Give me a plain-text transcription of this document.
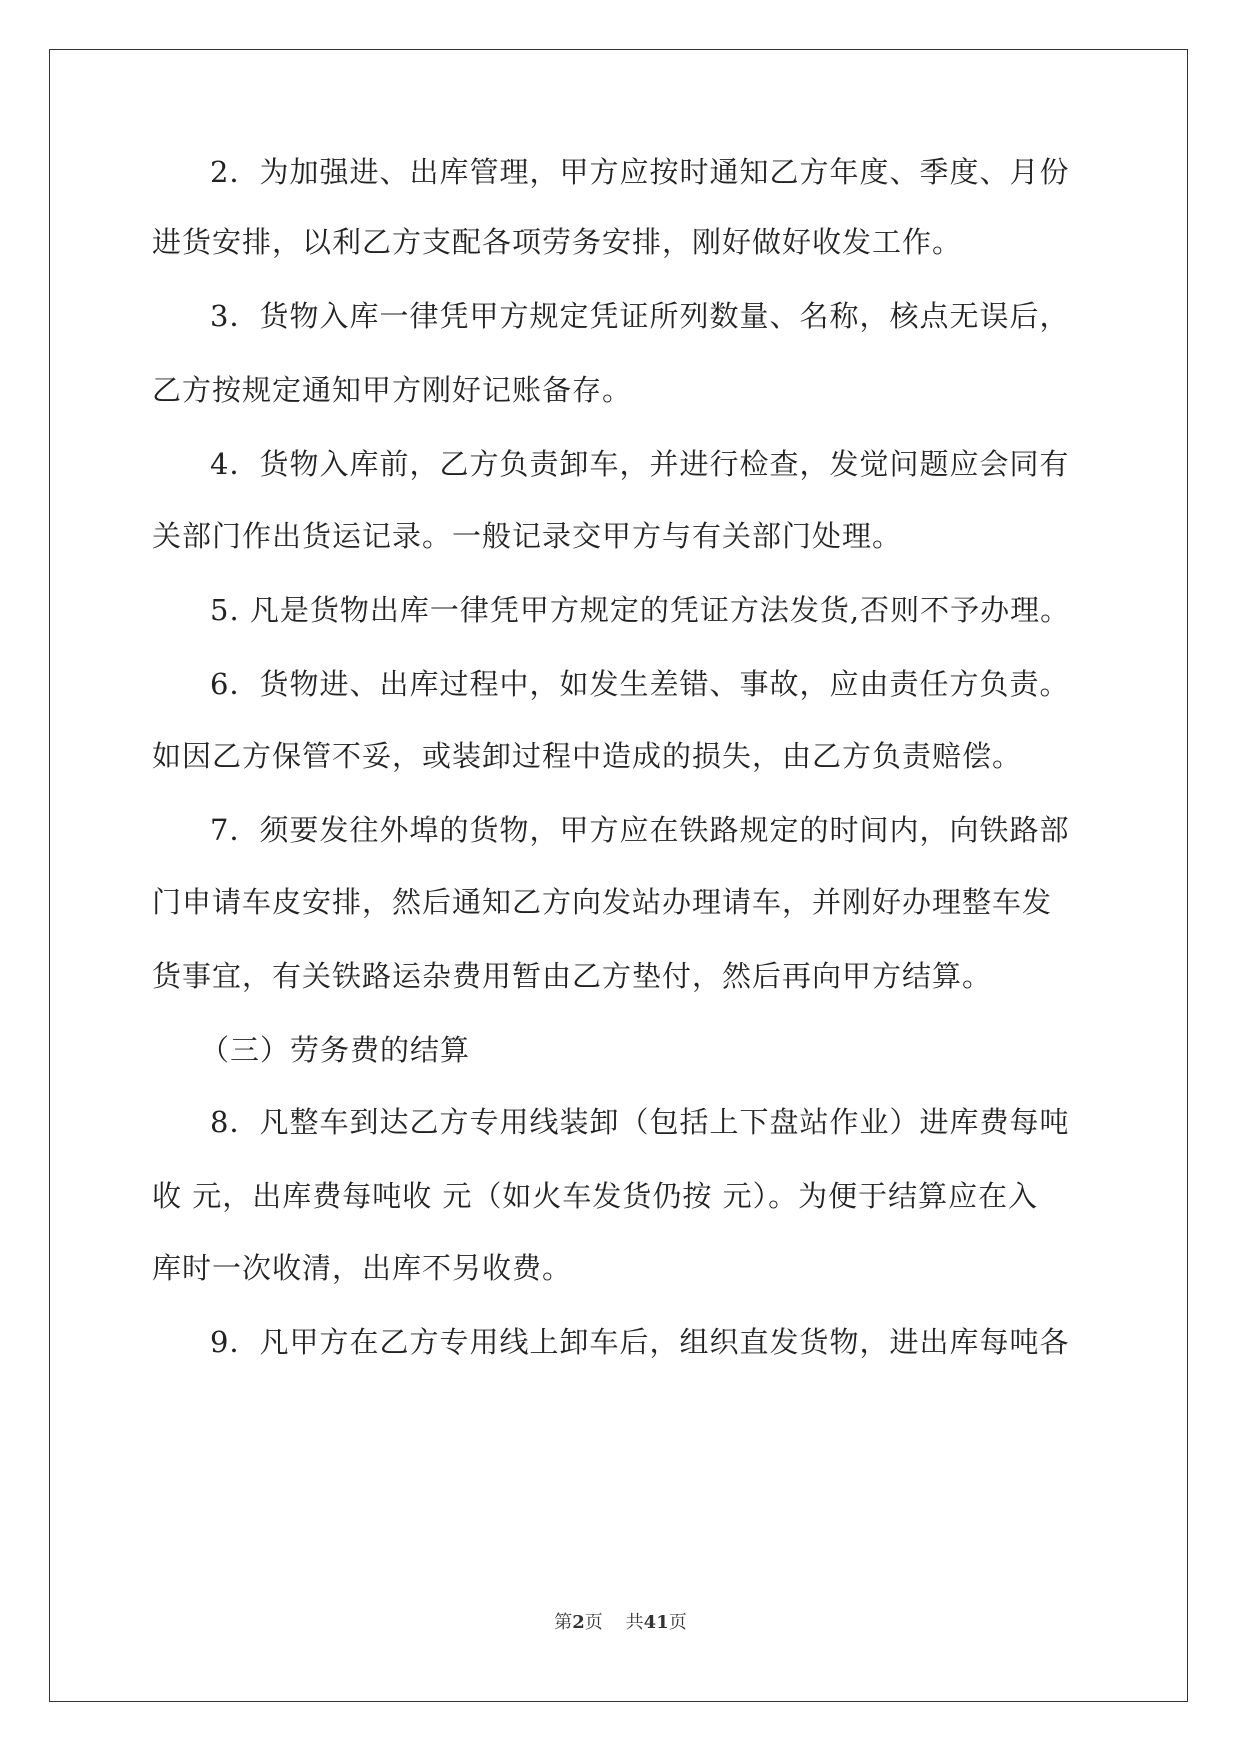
2．为加强进、出库管理，甲方应按时通知乙方年度、季度、月份
进货安排，以利乙方支配各项劳务安排，刚好做好收发工作。
3．货物入库一律凭甲方规定凭证所列数量、名称，核点无误后，
乙方按规定通知甲方刚好记账备存。
4．货物入库前，乙方负责卸车，并进行检查，发觉问题应会同有
关部门作出货运记录。一般记录交甲方与有关部门处理。
5. 凡是货物出库一律凭甲方规定的凭证方法发货,否则不予办理。
6．货物进、出库过程中，如发生差错、事故，应由责任方负责。
如因乙方保管不妥，或装卸过程中造成的损失，由乙方负责赔偿。
7．须要发往外埠的货物，甲方应在铁路规定的时间内，向铁路部
门申请车皮安排，然后通知乙方向发站办理请车，并刚好办理整车发
货事宜，有关铁路运杂费用暂由乙方垫付，然后再向甲方结算。
（三）劳务费的结算
8．凡整车到达乙方专用线装卸（包括上下盘站作业）进库费每吨
收 元，出库费每吨收 元（如火车发货仍按 元）。为便于结算应在入
库时一次收清，出库不另收费。
9．凡甲方在乙方专用线上卸车后，组织直发货物，进出库每吨各
第2页    共41页
